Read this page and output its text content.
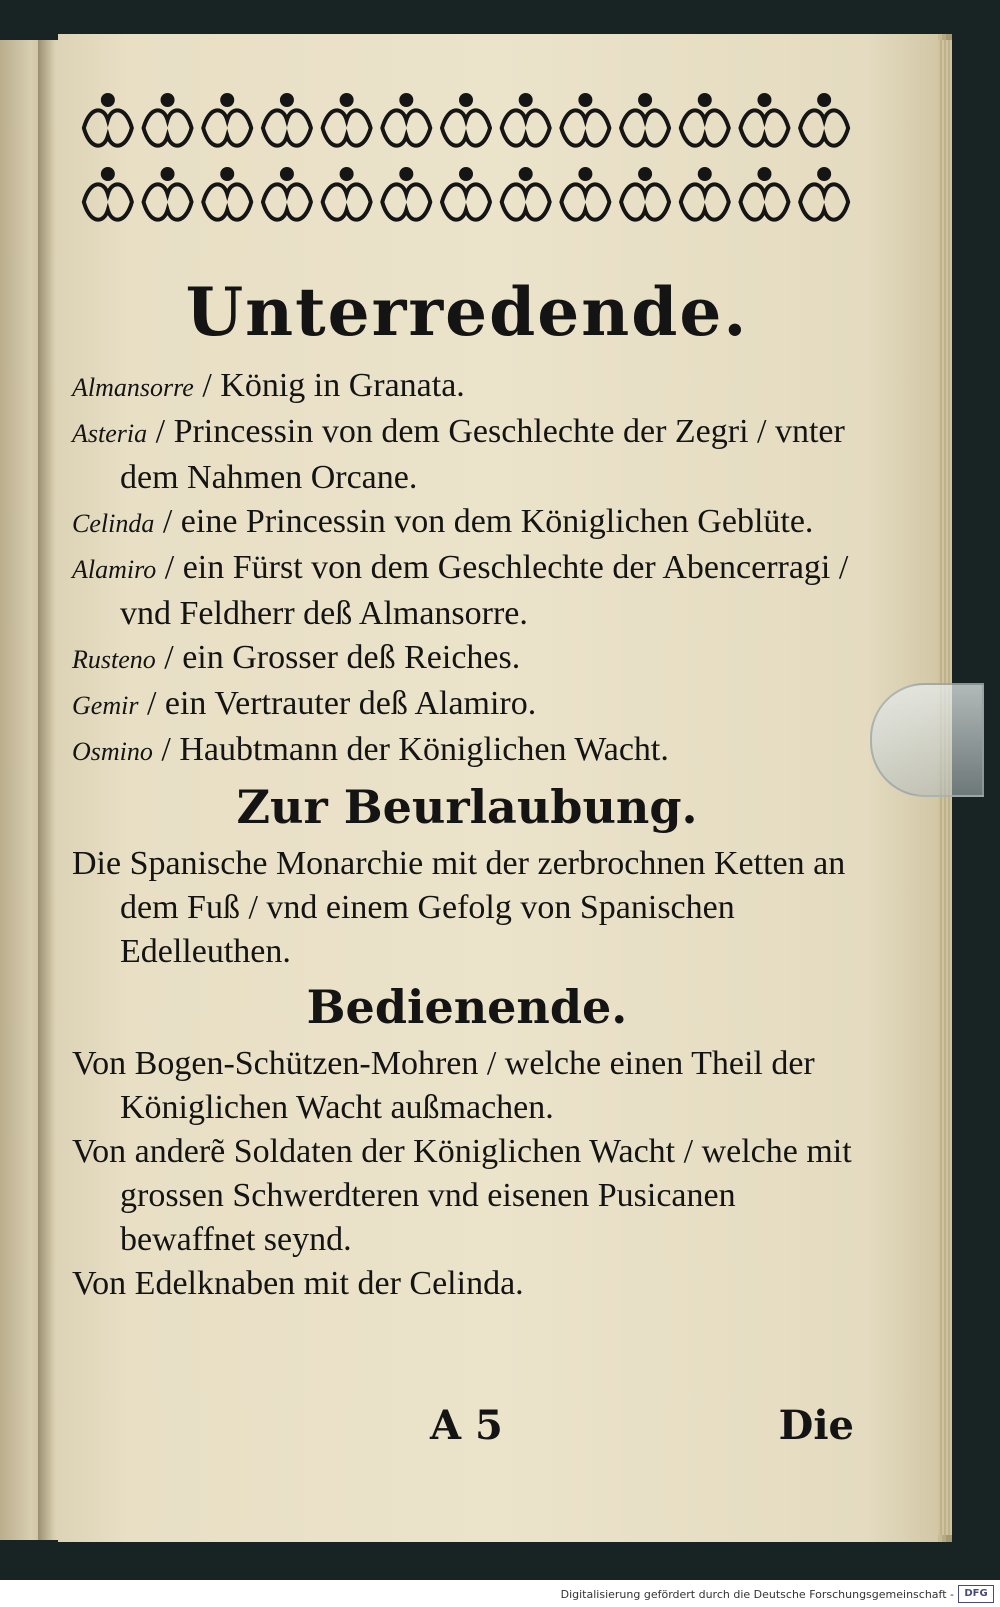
Unterredende.

Almansorre / König in Granata.

Asteria / Princessin von dem Geschlechte der Zegri / vnter dem Nahmen Orcane.

Celinda / eine Princessin von dem Königlichen Geblüte.

Alamiro / ein Fürst von dem Geschlechte der Abencerragi / vnd Feldherr deß Almansorre.

Rusteno / ein Grosser deß Reiches.

Gemir / ein Vertrauter deß Alamiro.

Osmino / Haubtmann der Königlichen Wacht.

Zur Beurlaubung.

Die Spanische Monarchie mit der zerbrochnen Ketten an dem Fuß / vnd einem Gefolg von Spanischen Edelleuthen.

Bedienende.

Von Bogen-Schützen-Mohren / welche einen Theil der Königlichen Wacht außmachen.

Von anderẽ Soldaten der Königlichen Wacht / welche mit grossen Schwerdteren vnd eisenen Pusicanen bewaffnet seynd.

Von Edelknaben mit der Celinda.

A 5	Die
Digitalisierung gefördert durch die Deutsche Forschungsgemeinschaft -	DFG
